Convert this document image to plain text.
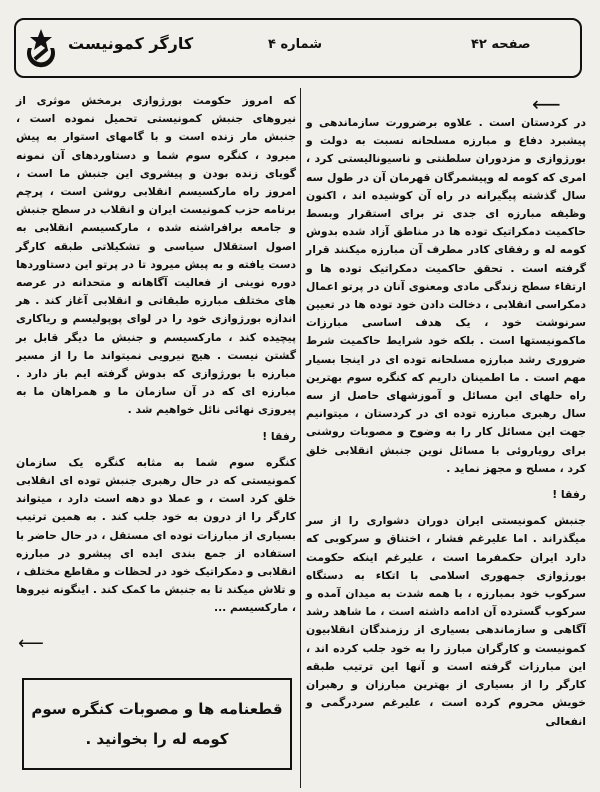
کارگر کمونیست	شماره ۴	صفحه ۴۲
⟵

در کردستان است . علاوه برضرورت سازماندهی و پیشبرد دفاع و مبارزه مسلحانه نسبت به دولت و بورژوازی و مزدوران سلطنتی و ناسیونالیستی کرد ، امری که کومه له وپیشمرگان قهرمان آن در طول سه سال گذشته پیگیرانه در راه آن کوشیده اند ، اکنون وظیفه مبارزه ای جدی تر برای استقرار وبسط حاکمیت دمکراتیک توده ها در مناطق آزاد شده بدوش کومه له و رفقای کادر مطرف آن مبارزه میکنند قرار گرفته است . تحقق حاکمیت دمکراتیک توده ها و ارتقاء سطح زندگی مادی ومعنوی آنان در پرتو اعمال دمکراسی انقلابی ، دخالت دادن خود توده ها در تعیین سرنوشت خود ، یک هدف اساسی مبارزات ماکمونیستها است . بلکه خود شرایط حاکمیت شرط ضروری رشد مبارزه مسلحانه توده ای در اینجا بسیار مهم است . ما اطمینان داریم که کنگره سوم بهترین راه حلهای این مسائل و آموزشهای حاصل از سه سال رهبری مبارزه توده ای در کردستان ، ميتوانيم جهت این مسائل کار را به وضوح و مصوبات روشنی برای رویاروئی با مسائل نوین جنبش انقلابی خلق کرد ، مسلح و مجهز نماید .

رفقا !

جنبش کمونیستی ایران دوران دشواری را از سر میگذراند . اما علیرغم فشار ، اختناق و سرکوبی که دارد ایران حکمفرما است ، علیرغم اینکه حکومت بورژوازی جمهوری اسلامی با اتکاء به دستگاه سرکوب خود بمبارزه ، با همه شدت به میدان آمده و سرکوب گسترده آن ادامه داشته است ، ما شاهد رشد آگاهی و سازماندهی بسیاری از رزمندگان انقلابیون کمونیست و کارگران مبارز را به خود جلب کرده اند ، این مبارزات گرفته است و آنها این ترتیب طبقه کارگر را از بسیاری از بهترین مبارزان و رهبران خویش محروم کرده است ، علیرغم سردرگمی و انفعالی

که امروز حکومت بورژوازی برمخش موثری از نیروهای جنبش کمونیستی تحمیل نموده است ، جنبش مار زنده است و با گامهای استوار به پیش میرود ، کنگره سوم شما و دستاوردهای آن نمونه گویای زنده بودن و پیشروی این جنبش ما است ، امروز راه مارکسیسم انقلابی روشن است ، پرچم برنامه حزب کمونیست ایران و انقلاب در سطح جنبش و جامعه برافراشته شده ، مارکسیسم انقلابی به اصول استقلال سیاسی و تشکیلاتی طبقه کارگر دست یافته و به پیش میرود تا در پرتو این دستاوردها دوره نوینی از فعالیت آگاهانه و متحدانه در عرصه های مختلف مبارزه طبقاتی و انقلابی آغاز کند . هر اندازه بورژوازی خود را در لوای پوپولیسم و ریاکاری پیچیده کند ، مارکسیسم و جنبش ما دیگر قابل بر گشتن نیست . هیچ نیرویی نمیتواند ما را از مسیر مبارزه با بورژوازی که بدوش گرفته ایم باز دارد . مبارزه ای که در آن سازمان ما و همراهان ما به پیروزی نهائی نائل خواهیم شد .

رفقا !

کنگره سوم شما به مثابه کنگره یک سازمان کمونیستی که در حال رهبری جنبش توده ای انقلابی خلق کرد است ، و عملا دو دهه است دارد ، میتواند کارگر را از درون به خود جلب کند . به همین ترتیب بسیاری از مبارزات توده ای مستقل ، در حال حاضر با استفاده از جمع بندی ایده ای پیشرو در مبارزه انقلابی و دمکراتیک خود در لحظات و مقاطع مختلف ، و تلاش میکند تا به جنبش ما کمک کند . اینگونه نیروها ، مارکسیسم ...

⟵
قطعنامه ها و مصوبات کنگره سوم
کومه له را بخوانید .
